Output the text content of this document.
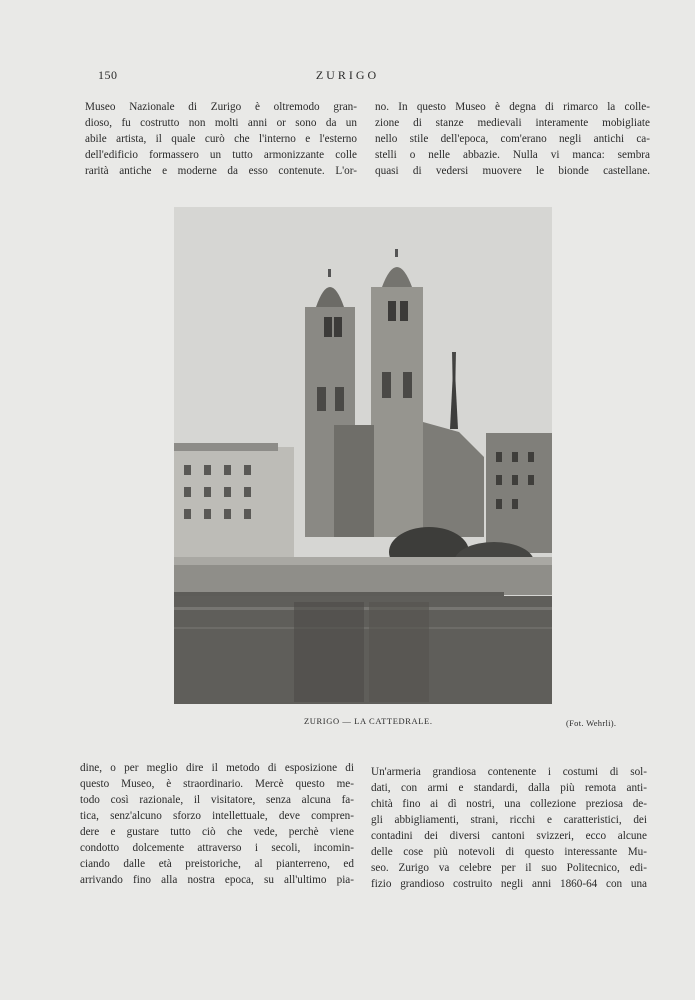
150	ZURIGO

Museo Nazionale di Zurigo è oltremodo gran-

dioso, fu costrutto non molti anni or sono da un

abile artista, il quale curò che l'interno e l'esterno

dell'edificio formassero un tutto armonizzante colle

rarità antiche e moderne da esso contenute. L'or-

no. In questo Museo è degna di rimarco la colle-

zione di stanze medievali interamente mobigliate

nello stile dell'epoca, com'erano negli antichi ca-

stelli o nelle abbazie. Nulla vi manca: sembra

quasi di vedersi muovere le bionde castellane.

ZURIGO — LA CATTEDRALE.	(Fot. Wehrli).

dine, o per meglio dire il metodo di esposizione di

questo Museo, è straordinario. Mercè questo me-

todo così razionale, il visitatore, senza alcuna fa-

tica, senz'alcuno sforzo intellettuale, deve compren-

dere e gustare tutto ciò che vede, perchè viene

condotto dolcemente attraverso i secoli, incomin-

ciando dalle età preistoriche, al pianterreno, ed

arrivando fino alla nostra epoca, su all'ultimo pia-

Un'armeria grandiosa contenente i costumi di sol-

dati, con armi e standardi, dalla più remota anti-

chità fino ai dì nostri, una collezione preziosa de-

gli abbigliamenti, strani, ricchi e caratteristici, dei

contadini dei diversi cantoni svizzeri, ecco alcune

delle cose più notevoli di questo interessante Mu-

seo. Zurigo va celebre per il suo Politecnico, edi-

fizio grandioso costruito negli anni 1860-64 con una
